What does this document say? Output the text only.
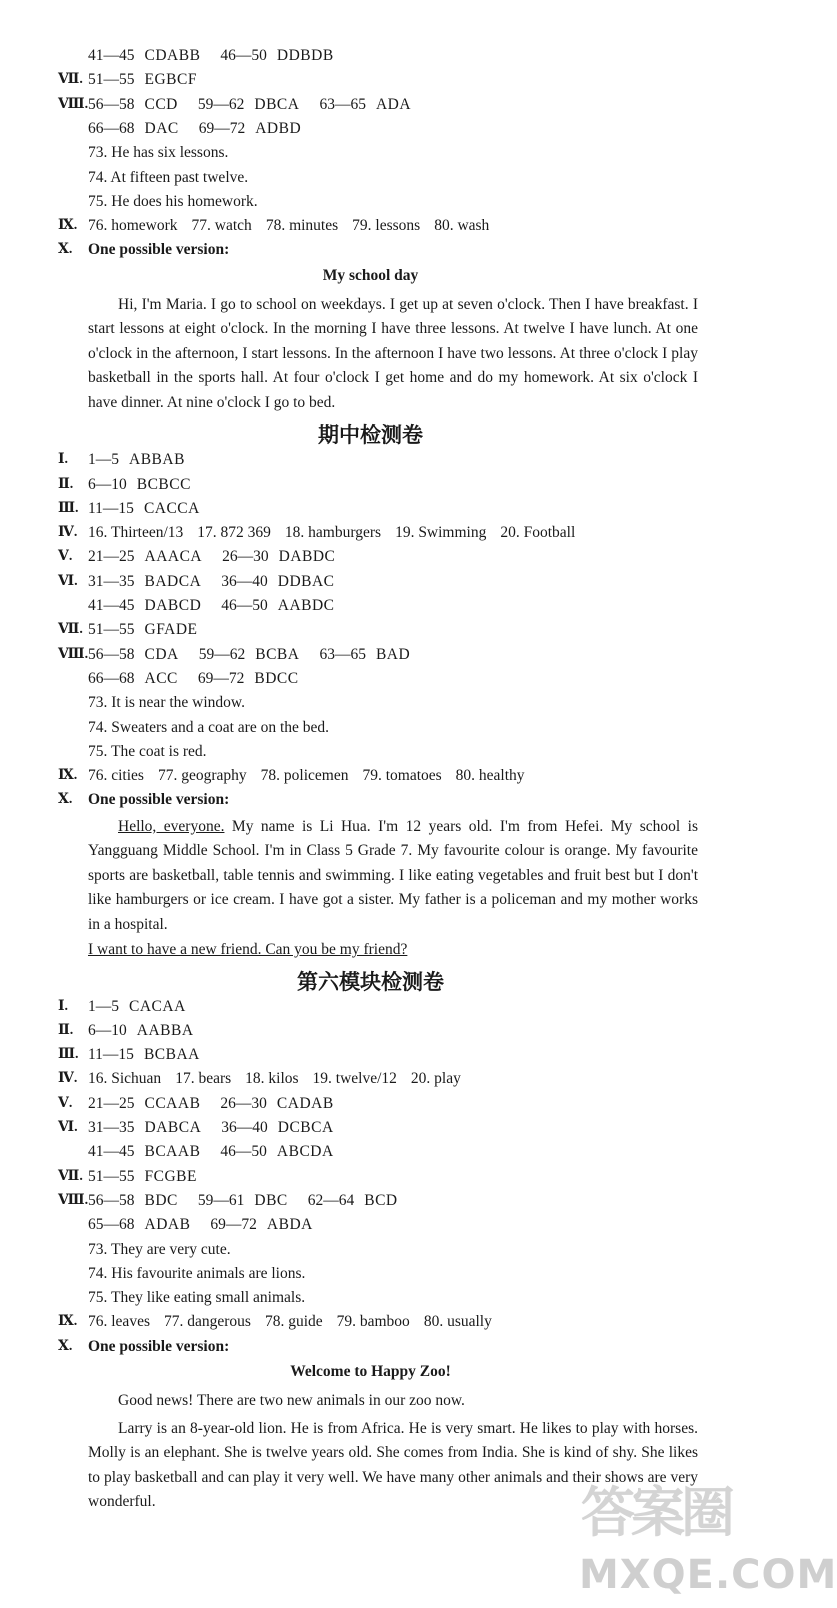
41—45 CDABB 46—50 DDBDB
Ⅶ. 51—55 EGBCF
Ⅷ. 56—58 CCD 59—62 DBCA 63—65 ADA
66—68 DAC 69—72 ADBD
73. He has six lessons.
74. At fifteen past twelve.
75. He does his homework.
Ⅸ. 76. homework 77. watch 78. minutes 79. lessons 80. wash
Ⅹ. One possible version:
My school day
Hi, I'm Maria. I go to school on weekdays. I get up at seven o'clock. Then I have breakfast. I start lessons at eight o'clock. In the morning I have three lessons. At twelve I have lunch. At one o'clock in the afternoon, I start lessons. In the afternoon I have two lessons. At three o'clock I play basketball in the sports hall. At four o'clock I get home and do my homework. At six o'clock I have dinner. At nine o'clock I go to bed.
期中检测卷
Ⅰ. 1—5 ABBAB
Ⅱ. 6—10 BCBCC
Ⅲ. 11—15 CACCA
Ⅳ. 16. Thirteen/13 17. 872 369 18. hamburgers 19. Swimming 20. Football
Ⅴ. 21—25 AAACA 26—30 DABDC
Ⅵ. 31—35 BADCA 36—40 DDBAC
41—45 DABCD 46—50 AABDC
Ⅶ. 51—55 GFADE
Ⅷ. 56—58 CDA 59—62 BCBA 63—65 BAD
66—68 ACC 69—72 BDCC
73. It is near the window.
74. Sweaters and a coat are on the bed.
75. The coat is red.
Ⅸ. 76. cities 77. geography 78. policemen 79. tomatoes 80. healthy
Ⅹ. One possible version:
Hello, everyone. My name is Li Hua. I'm 12 years old. I'm from Hefei. My school is Yangguang Middle School. I'm in Class 5 Grade 7. My favourite colour is orange. My favourite sports are basketball, table tennis and swimming. I like eating vegetables and fruit best but I don't like hamburgers or ice cream. I have got a sister. My father is a policeman and my mother works in a hospital.
I want to have a new friend. Can you be my friend?
第六模块检测卷
Ⅰ. 1—5 CACAA
Ⅱ. 6—10 AABBA
Ⅲ. 11—15 BCBAA
Ⅳ. 16. Sichuan 17. bears 18. kilos 19. twelve/12 20. play
Ⅴ. 21—25 CCAAB 26—30 CADAB
Ⅵ. 31—35 DABCA 36—40 DCBCA
41—45 BCAAB 46—50 ABCDA
Ⅶ. 51—55 FCGBE
Ⅷ. 56—58 BDC 59—61 DBC 62—64 BCD
65—68 ADAB 69—72 ABDA
73. They are very cute.
74. His favourite animals are lions.
75. They like eating small animals.
Ⅸ. 76. leaves 77. dangerous 78. guide 79. bamboo 80. usually
Ⅹ. One possible version:
Welcome to Happy Zoo!
Good news! There are two new animals in our zoo now.
Larry is an 8-year-old lion. He is from Africa. He is very smart. He likes to play with horses. Molly is an elephant. She is twelve years old. She comes from India. She is kind of shy. She likes to play basketball and can play it very well. We have many other animals and their shows are very wonderful.	答案圈
MXQE.COM
